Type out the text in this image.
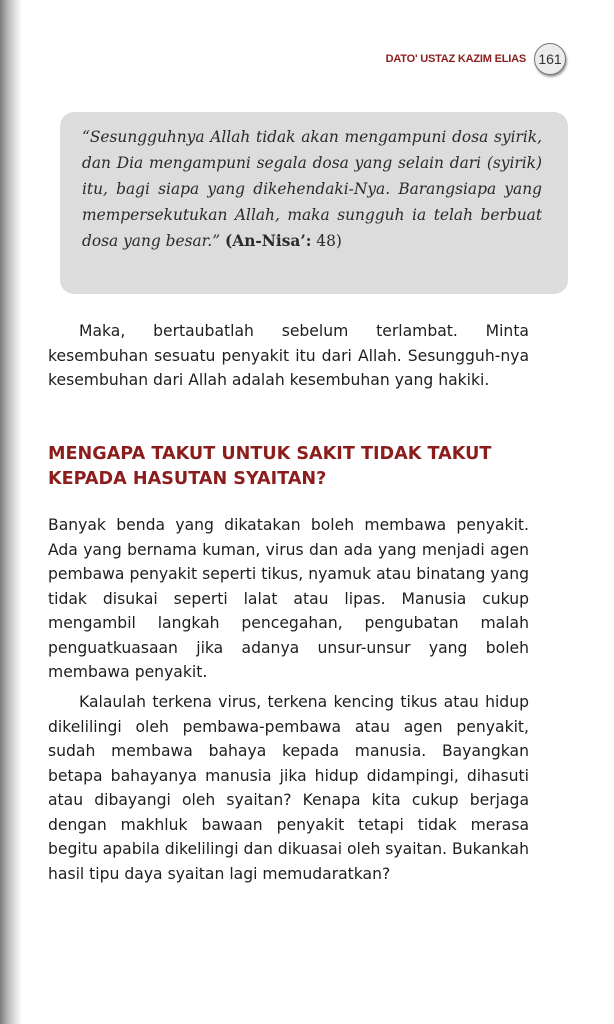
DATO' USTAZ KAZIM ELIAS 161

“Sesungguhnya Allah tidak akan mengampuni dosa syirik, dan Dia mengampuni segala dosa yang selain dari (syirik) itu, bagi siapa yang dikehendaki-Nya. Barangsiapa yang mempersekutukan Allah, maka sungguh ia telah berbuat dosa yang besar.” (An-Nisa’: 48)

Maka, bertaubatlah sebelum terlambat. Minta kesembuhan sesuatu penyakit itu dari Allah. Sesungguh-nya kesembuhan dari Allah adalah kesembuhan yang hakiki.

MENGAPA TAKUT UNTUK SAKIT TIDAK TAKUT KEPADA HASUTAN SYAITAN?

Banyak benda yang dikatakan boleh membawa penyakit. Ada yang bernama kuman, virus dan ada yang menjadi agen pembawa penyakit seperti tikus, nyamuk atau binatang yang tidak disukai seperti lalat atau lipas. Manusia cukup mengambil langkah pencegahan, pengubatan malah penguatkuasaan jika adanya unsur-unsur yang boleh membawa penyakit.

Kalaulah terkena virus, terkena kencing tikus atau hidup dikelilingi oleh pembawa-pembawa atau agen penyakit, sudah membawa bahaya kepada manusia. Bayangkan betapa bahayanya manusia jika hidup didampingi, dihasuti atau dibayangi oleh syaitan? Kenapa kita cukup berjaga dengan makhluk bawaan penyakit tetapi tidak merasa begitu apabila dikelilingi dan dikuasai oleh syaitan. Bukankah hasil tipu daya syaitan lagi memudaratkan?
